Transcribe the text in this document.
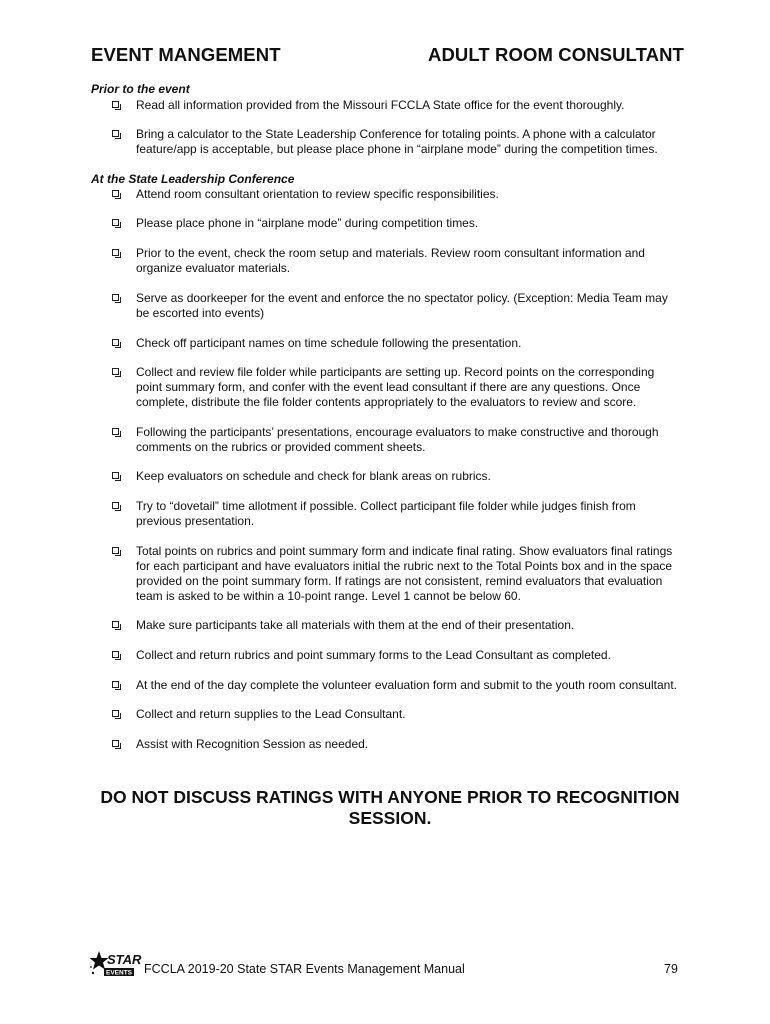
EVENT MANGEMENT	ADULT ROOM CONSULTANT
Prior to the event
Read all information provided from the Missouri FCCLA State office for the event thoroughly.
Bring a calculator to the State Leadership Conference for totaling points. A phone with a calculator
feature/app is acceptable, but please place phone in “airplane mode” during the competition times.
At the State Leadership Conference
Attend room consultant orientation to review specific responsibilities.
Please place phone in “airplane mode” during competition times.
Prior to the event, check the room setup and materials. Review room consultant information and
organize evaluator materials.
Serve as doorkeeper for the event and enforce the no spectator policy. (Exception: Media Team may
be escorted into events)
Check off participant names on time schedule following the presentation.
Collect and review file folder while participants are setting up. Record points on the corresponding
point summary form, and confer with the event lead consultant if there are any questions. Once
complete, distribute the file folder contents appropriately to the evaluators to review and score.
Following the participants’ presentations, encourage evaluators to make constructive and thorough
comments on the rubrics or provided comment sheets.
Keep evaluators on schedule and check for blank areas on rubrics.
Try to “dovetail” time allotment if possible. Collect participant file folder while judges finish from
previous presentation.
Total points on rubrics and point summary form and indicate final rating. Show evaluators final ratings
for each participant and have evaluators initial the rubric next to the Total Points box and in the space
provided on the point summary form. If ratings are not consistent, remind evaluators that evaluation
team is asked to be within a 10-point range. Level 1 cannot be below 60.
Make sure participants take all materials with them at the end of their presentation.
Collect and return rubrics and point summary forms to the Lead Consultant as completed.
At the end of the day complete the volunteer evaluation form and submit to the youth room consultant.
Collect and return supplies to the Lead Consultant.
Assist with Recognition Session as needed.
DO NOT DISCUSS RATINGS WITH ANYONE PRIOR TO RECOGNITION
SESSION.
STAR
EVENTS FCCLA 2019-20 State STAR Events Management Manual	79
